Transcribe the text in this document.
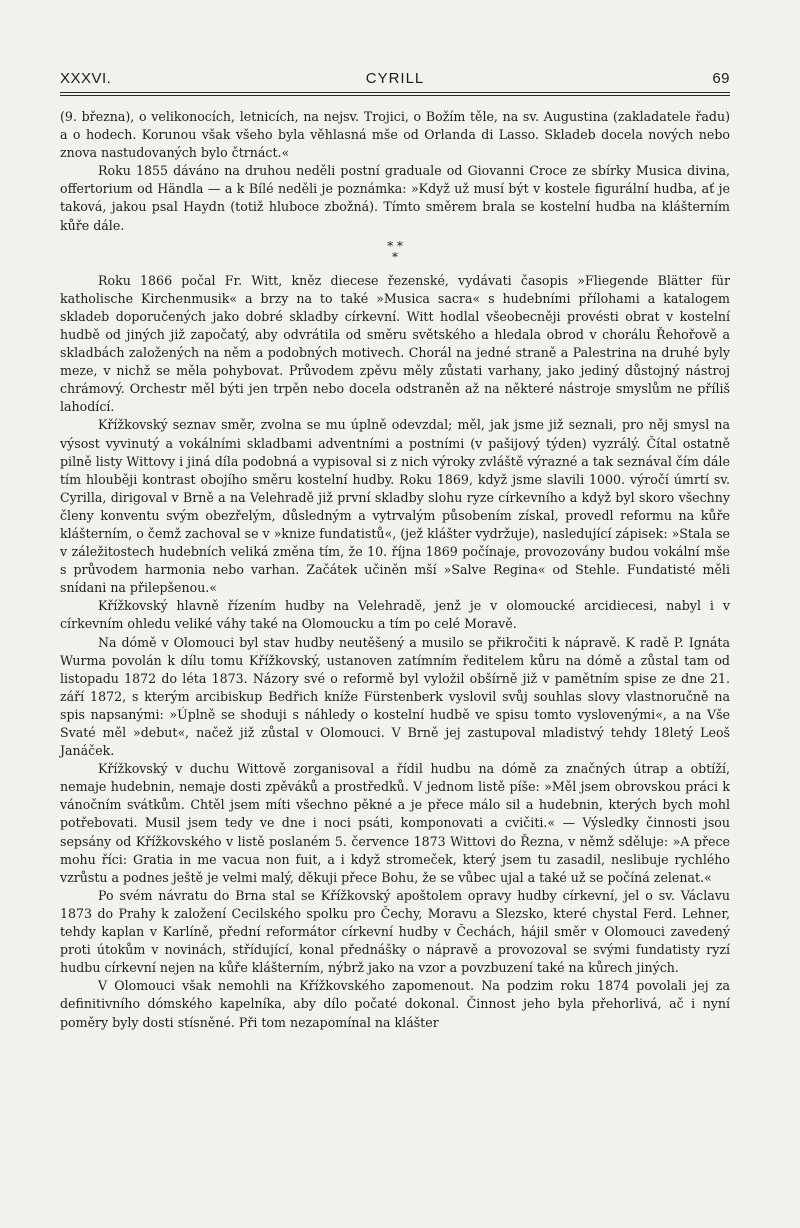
XXXVI.	CYRILL	69

(9. března), o velikonocích, letnicích, na nejsv. Trojici, o Božím těle, na sv. Augustina (zakladatele řadu) a o hodech. Korunou však všeho byla věhlasná mše od Orlanda di Lasso. Skladeb docela nových nebo znova nastudovaných bylo čtrnáct.«

Roku 1855 dáváno na druhou neděli postní graduale od Giovanni Croce ze sbírky Musica divina, offertorium od Händla — a k Bílé neděli je poznámka: »Když už musí být v kostele figurální hudba, ať je taková, jakou psal Haydn (totiž hluboce zbožná). Tímto směrem brala se kostelní hudba na klášterním kůře dále.

* *
*

Roku 1866 počal Fr. Witt, kněz diecese řezenské, vydávati časopis »Fliegende Blätter für katholische Kirchenmusik« a brzy na to také »Musica sacra« s hudebními přílohami a katalogem skladeb doporučených jako dobré skladby církevní. Witt hodlal všeobecněji provésti obrat v kostelní hudbě od jiných již započatý, aby odvrátila od směru světského a hledala obrod v chorálu Řehořově a skladbách založených na něm a podobných motivech. Chorál na jedné straně a Palestrina na druhé byly meze, v nichž se měla pohybovat. Průvodem zpěvu měly zůstati varhany, jako jediný důstojný nástroj chrámový. Orchestr měl býti jen trpěn nebo docela odstraněn až na některé nástroje smyslům ne příliš lahodící.

Křížkovský seznav směr, zvolna se mu úplně odevzdal; měl, jak jsme již seznali, pro něj smysl na výsost vyvinutý a vokálními skladbami adventními a postními (v pašijový týden) vyzrálý. Čítal ostatně pilně listy Wittovy i jiná díla podobná a vypisoval si z nich výroky zvláště výrazné a tak seznával čím dále tím hlouběji kontrast obojího směru kostelní hudby. Roku 1869, když jsme slavili 1000. výročí úmrtí sv. Cyrilla, dirigoval v Brně a na Velehradě již první skladby slohu ryze církevního a když byl skoro všechny členy konventu svým obezřelým, důsledným a vytrvalým působením získal, provedl reformu na kůře klášterním, o čemž zachoval se v »knize fundatistů«, (jež klášter vydržuje), nasledující zápisek: »Stala se v záležitostech hudebních veliká změna tím, že 10. října 1869 počínaje, provozovány budou vokální mše s průvodem harmonia nebo varhan. Začátek učiněn mší »Salve Regina« od Stehle. Fundatisté měli snídani na přilepšenou.«

Křížkovský hlavně řízením hudby na Velehradě, jenž je v olomoucké arcidiecesi, nabyl i v církevním ohledu veliké váhy také na Olomoucku a tím po celé Moravě.

Na dómě v Olomouci byl stav hudby neutěšený a musilo se přikročiti k nápravě. K radě P. Ignáta Wurma povolán k dílu tomu Křížkovský, ustanoven zatímním ředitelem kůru na dómě a zůstal tam od listopadu 1872 do léta 1873. Názory své o reformě byl vyložil obšírně již v pamětním spise ze dne 21. září 1872, s kterým arcibiskup Bedřich kníže Fürstenberk vyslovil svůj souhlas slovy vlastnoručně na spis napsanými: »Úplně se shoduji s náhledy o kostelní hudbě ve spisu tomto vyslovenými«, a na Vše Svaté měl »debut«, načež již zůstal v Olomouci. V Brně jej zastupoval mladistvý tehdy 18letý Leoš Janáček.

Křížkovský v duchu Wittově zorganisoval a řídil hudbu na dómě za značných útrap a obtíží, nemaje hudebnin, nemaje dosti zpěváků a prostředků. V jednom listě píše: »Měl jsem obrovskou práci k vánočním svátkům. Chtěl jsem míti všechno pěkné a je přece málo sil a hudebnin, kterých bych mohl potřebovati. Musil jsem tedy ve dne i noci psáti, komponovati a cvičiti.« — Výsledky činnosti jsou sepsány od Křížkovského v listě poslaném 5. července 1873 Wittovi do Řezna, v němž sděluje: »A přece mohu říci: Gratia in me vacua non fuit, a i když stromeček, který jsem tu zasadil, neslibuje rychlého vzrůstu a podnes ještě je velmi malý, děkuji přece Bohu, že se vůbec ujal a také už se počíná zelenat.«

Po svém návratu do Brna stal se Křížkovský apoštolem opravy hudby církevní, jel o sv. Václavu 1873 do Prahy k založení Cecilského spolku pro Čechy, Moravu a Slezsko, které chystal Ferd. Lehner, tehdy kaplan v Karlíně, přední reformátor církevní hudby v Čechách, hájil směr v Olomouci zavedený proti útokům v novinách, střídující, konal přednášky o nápravě a provozoval se svými fundatisty ryzí hudbu církevní nejen na kůře klášterním, nýbrž jako na vzor a povzbuzení také na kůrech jiných.

V Olomouci však nemohli na Křížkovského zapomenout. Na podzim roku 1874 povolali jej za definitivního dómského kapelníka, aby dílo počaté dokonal. Činnost jeho byla přehorlivá, ač i nyní poměry byly dosti stísněné. Při tom nezapomínal na klášter
